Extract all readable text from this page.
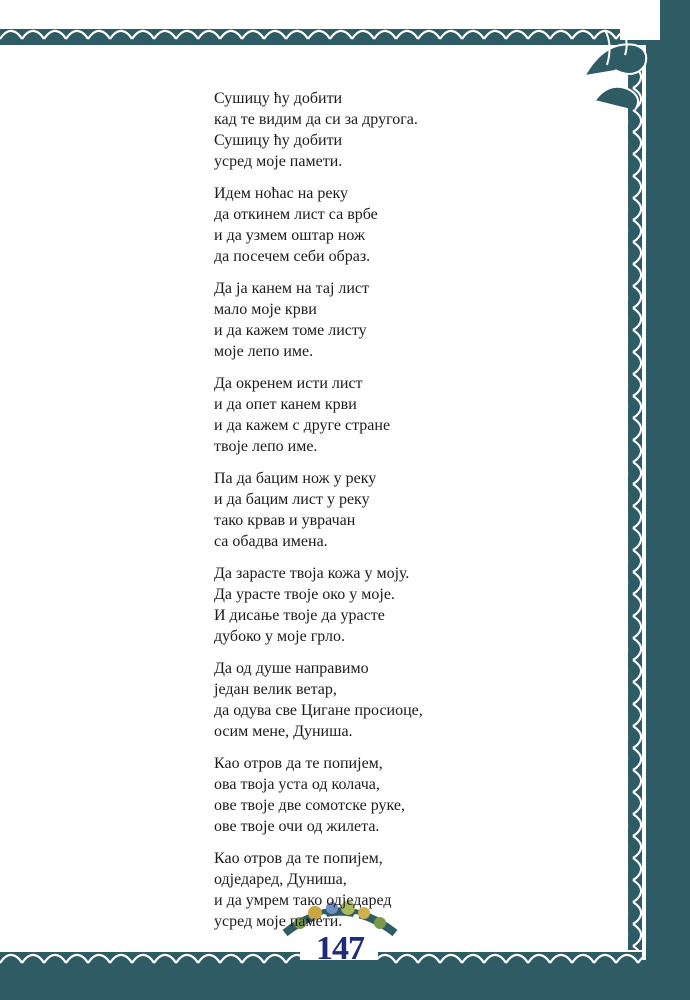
147
Сушицу ћу добити
кад те видим да си за другога.
Сушицу ћу добити
усред моје памети.
Идем ноћас на реку
да откинем лист са врбе
и да узмем оштар нож
да посечем себи образ.
Да ја канем на тај лист
мало моје крви
и да кажем томе листу
моје лепо име.
Да окренем исти лист
и да опет канем крви
и да кажем с друге стране
твоје лепо име.
Па да бацим нож у реку
и да бацим лист у реку
тако крвав и уврачан
са обадва имена.
Да зарасте твоја кожа у моју.
Да урасте твоје око у моје.
И дисање твоје да урасте
дубоко у моје грло.
Да од душе направимо
један велик ветар,
да одува све Цигане просиоце,
осим мене, Дуниша.
Као отров да те попијем,
ова твоја уста од колача,
ове твоје две сомотске руке,
ове твоје очи од жилета.
Као отров да те попијем,
одједаред, Дуниша,
и да умрем тако одједаред
усред моје памети.
